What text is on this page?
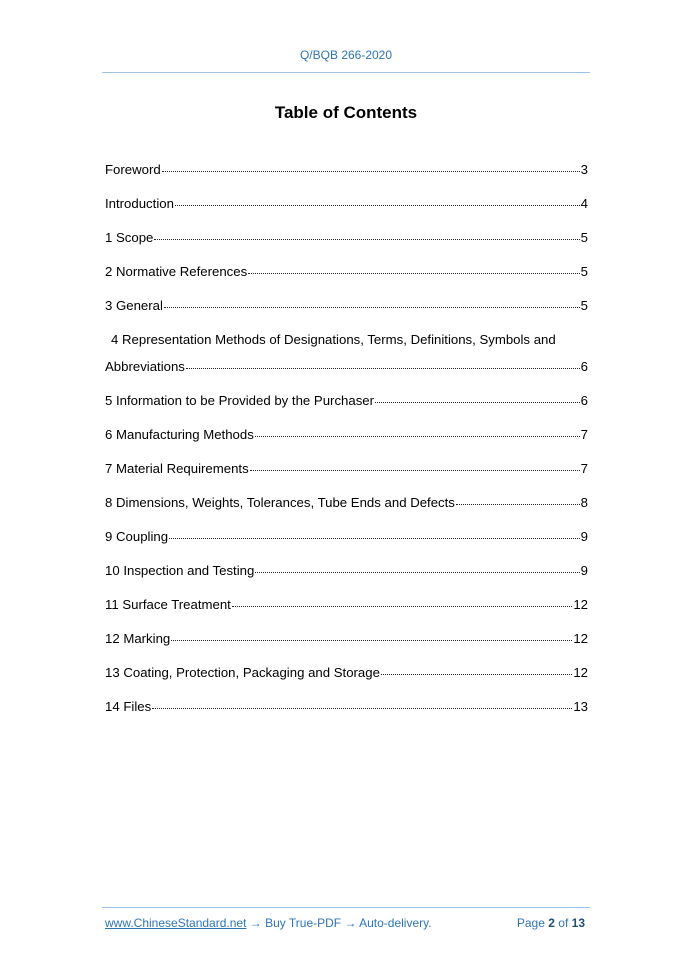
Q/BQB 266-2020
Table of Contents
Foreword	3
Introduction	4
1 Scope	5
2 Normative References	5
3 General	5
4 Representation Methods of Designations, Terms, Definitions, Symbols and
Abbreviations	6
5 Information to be Provided by the Purchaser	6
6 Manufacturing Methods	7
7 Material Requirements	7
8 Dimensions, Weights, Tolerances, Tube Ends and Defects	8
9 Coupling	9
10 Inspection and Testing	9
11 Surface Treatment	12
12 Marking	12
13 Coating, Protection, Packaging and Storage	12
14 Files	13
www.ChineseStandard.net → Buy True-PDF → Auto-delivery.	Page 2 of 13
